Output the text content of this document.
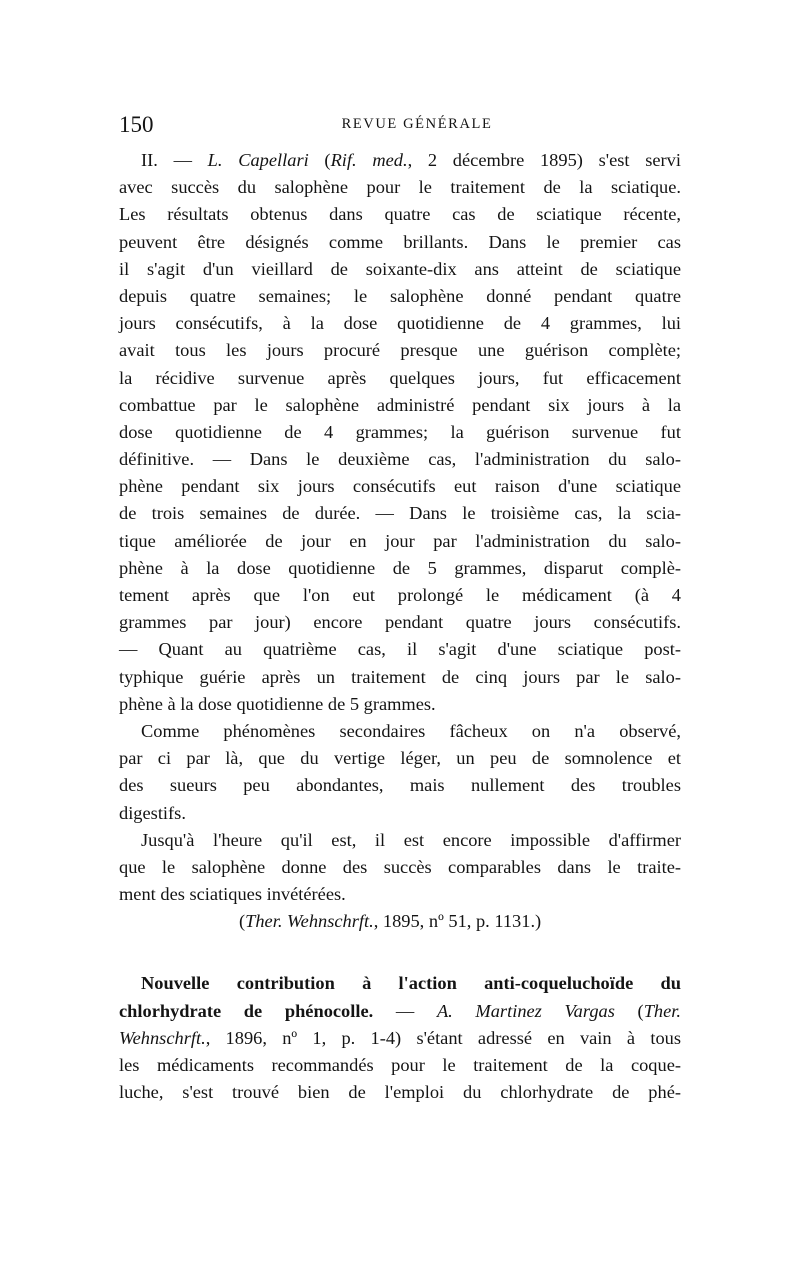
150	REVUE GÉNÉRALE
II. — L. Capellari (Rif. med., 2 décembre 1895) s'est servi
avec succès du salophène pour le traitement de la sciatique.
Les résultats obtenus dans quatre cas de sciatique récente,
peuvent être désignés comme brillants. Dans le premier cas
il s'agit d'un vieillard de soixante-dix ans atteint de sciatique
depuis quatre semaines; le salophène donné pendant quatre
jours consécutifs, à la dose quotidienne de 4 grammes, lui
avait tous les jours procuré presque une guérison complète;
la récidive survenue après quelques jours, fut efficacement
combattue par le salophène administré pendant six jours à la
dose quotidienne de 4 grammes; la guérison survenue fut
définitive. — Dans le deuxième cas, l'administration du salo-
phène pendant six jours consécutifs eut raison d'une sciatique
de trois semaines de durée. — Dans le troisième cas, la scia-
tique améliorée de jour en jour par l'administration du salo-
phène à la dose quotidienne de 5 grammes, disparut complè-
tement après que l'on eut prolongé le médicament (à 4
grammes par jour) encore pendant quatre jours consécutifs.
— Quant au quatrième cas, il s'agit d'une sciatique post-
typhique guérie après un traitement de cinq jours par le salo-
phène à la dose quotidienne de 5 grammes.
Comme phénomènes secondaires fâcheux on n'a observé,
par ci par là, que du vertige léger, un peu de somnolence et
des sueurs peu abondantes, mais nullement des troubles
digestifs.
Jusqu'à l'heure qu'il est, il est encore impossible d'affirmer
que le salophène donne des succès comparables dans le traite-
ment des sciatiques invétérées.
(Ther. Wehnschrft., 1895, nº 51, p. 1131.)
Nouvelle contribution à l'action anti-coqueluchoïde du
chlorhydrate de phénocolle. — A. Martinez Vargas (Ther.
Wehnschrft., 1896, nº 1, p. 1-4) s'étant adressé en vain à tous
les médicaments recommandés pour le traitement de la coque-
luche, s'est trouvé bien de l'emploi du chlorhydrate de phé-
